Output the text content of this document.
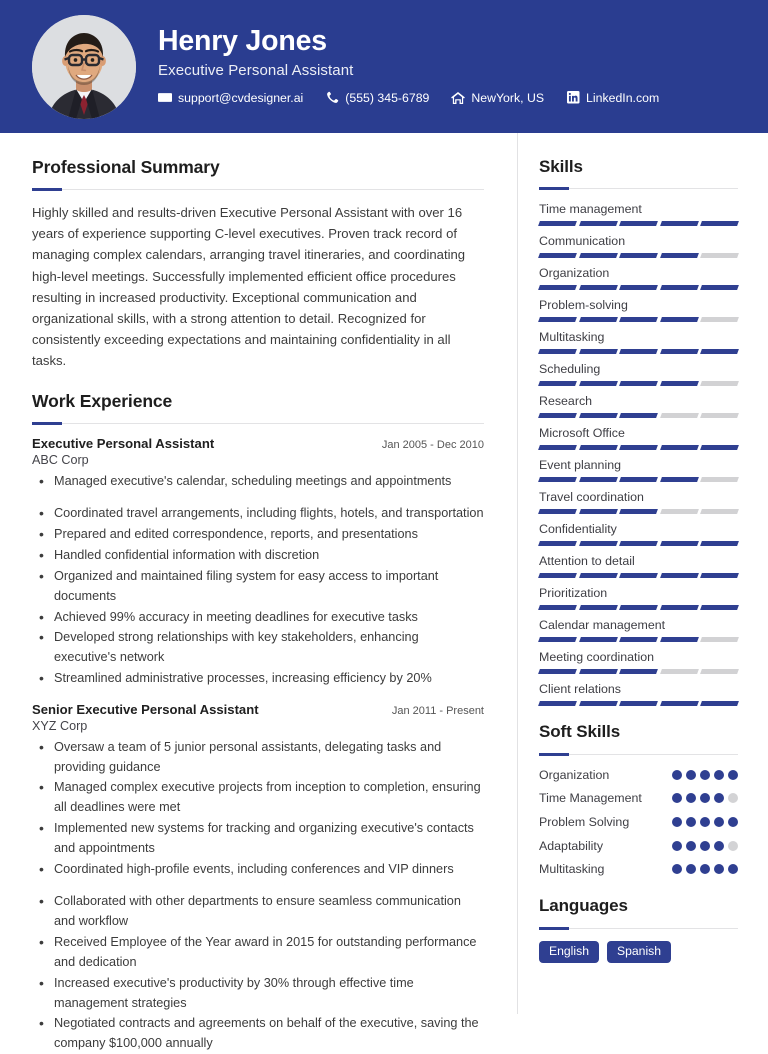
Henry Jones
Executive Personal Assistant
support@cvdesigner.ai	(555) 345-6789	NewYork, US	LinkedIn.com
Professional Summary
Highly skilled and results-driven Executive Personal Assistant with over 16 years of experience supporting C-level executives. Proven track record of managing complex calendars, arranging travel itineraries, and coordinating high-level meetings. Successfully implemented efficient office procedures resulting in increased productivity. Exceptional communication and organizational skills, with a strong attention to detail. Recognized for consistently exceeding expectations and maintaining confidentiality in all tasks.
Work Experience
Executive Personal Assistant	Jan 2005 - Dec 2010
ABC Corp
• Managed executive's calendar, scheduling meetings and appointments
• Coordinated travel arrangements, including flights, hotels, and transportation
• Prepared and edited correspondence, reports, and presentations
• Handled confidential information with discretion
• Organized and maintained filing system for easy access to important documents
• Achieved 99% accuracy in meeting deadlines for executive tasks
• Developed strong relationships with key stakeholders, enhancing executive's network
• Streamlined administrative processes, increasing efficiency by 20%
Senior Executive Personal Assistant	Jan 2011 - Present
XYZ Corp
• Oversaw a team of 5 junior personal assistants, delegating tasks and providing guidance
• Managed complex executive projects from inception to completion, ensuring all deadlines were met
• Implemented new systems for tracking and organizing executive's contacts and appointments
• Coordinated high-profile events, including conferences and VIP dinners
• Collaborated with other departments to ensure seamless communication and workflow
• Received Employee of the Year award in 2015 for outstanding performance and dedication
• Increased executive's productivity by 30% through effective time management strategies
• Negotiated contracts and agreements on behalf of the executive, saving the company $100,000 annually
Skills
Time management
Communication
Organization
Problem-solving
Multitasking
Scheduling
Research
Microsoft Office
Event planning
Travel coordination
Confidentiality
Attention to detail
Prioritization
Calendar management
Meeting coordination
Client relations
Soft Skills
Organization
Time Management
Problem Solving
Adaptability
Multitasking
Languages
English	Spanish
